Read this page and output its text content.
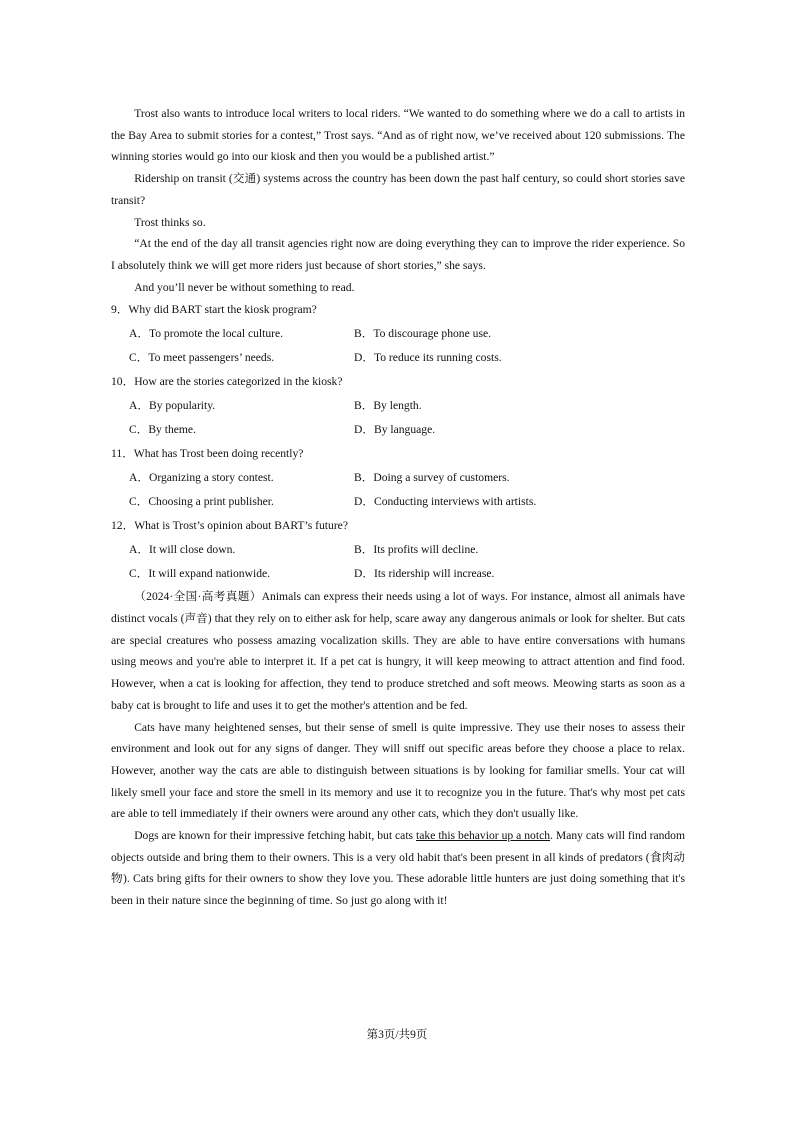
Trost also wants to introduce local writers to local riders. “We wanted to do something where we do a call to artists in the Bay Area to submit stories for a contest,” Trost says. “And as of right now, we’ve received about 120 submissions. The winning stories would go into our kiosk and then you would be a published artist.”

Ridership on transit (交通) systems across the country has been down the past half century, so could short stories save transit?

Trost thinks so.

“At the end of the day all transit agencies right now are doing everything they can to improve the rider experience. So I absolutely think we will get more riders just because of short stories,” she says.

And you’ll never be without something to read.

9．Why did BART start the kiosk program?

A．To promote the local culture.	B．To discourage phone use.
C．To meet passengers’ needs.	D．To reduce its running costs.

10．How are the stories categorized in the kiosk?

A．By popularity.	B．By length.
C．By theme.	D．By language.

11．What has Trost been doing recently?

A．Organizing a story contest.	B．Doing a survey of customers.
C．Choosing a print publisher.	D．Conducting interviews with artists.

12．What is Trost’s opinion about BART’s future?

A．It will close down.	B．Its profits will decline.
C．It will expand nationwide.	D．Its ridership will increase.

（2024·全国·高考真题）Animals can express their needs using a lot of ways. For instance, almost all animals have distinct vocals (声音) that they rely on to either ask for help, scare away any dangerous animals or look for shelter. But cats are special creatures who possess amazing vocalization skills. They are able to have entire conversations with humans using meows and you're able to interpret it. If a pet cat is hungry, it will keep meowing to attract attention and find food. However, when a cat is looking for affection, they tend to produce stretched and soft meows. Meowing starts as soon as a baby cat is brought to life and uses it to get the mother's attention and be fed.

Cats have many heightened senses, but their sense of smell is quite impressive. They use their noses to assess their environment and look out for any signs of danger. They will sniff out specific areas before they choose a place to relax. However, another way the cats are able to distinguish between situations is by looking for familiar smells. Your cat will likely smell your face and store the smell in its memory and use it to recognize you in the future. That's why most pet cats are able to tell immediately if their owners were around any other cats, which they don't usually like.

Dogs are known for their impressive fetching habit, but cats take this behavior up a notch. Many cats will find random objects outside and bring them to their owners. This is a very old habit that's been present in all kinds of predators (食肉动物). Cats bring gifts for their owners to show they love you. These adorable little hunters are just doing something that it's been in their nature since the beginning of time. So just go along with it!

第3页/共9页
